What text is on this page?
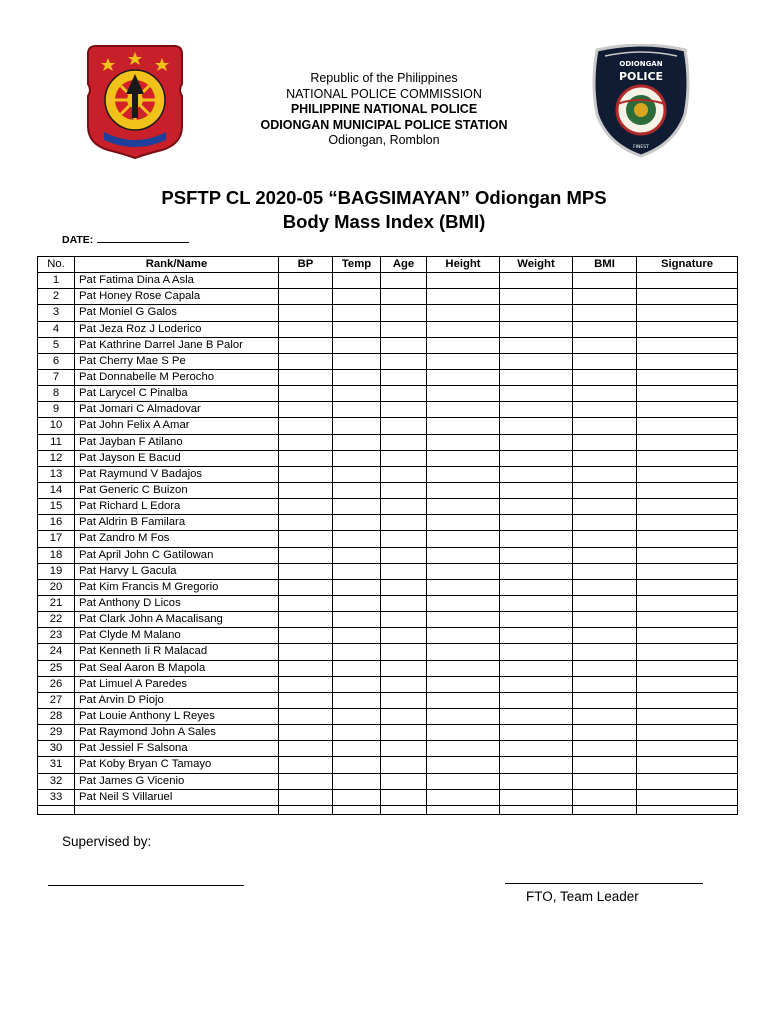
Republic of the Philippines
NATIONAL POLICE COMMISSION
PHILIPPINE NATIONAL POLICE
ODIONGAN MUNICIPAL POLICE STATION
Odiongan, Romblon
ODIONGAN
POLICE
FINEST
PSFTP CL 2020-05 “BAGSIMAYAN” Odiongan MPS
Body Mass Index (BMI)
DATE:
No.	Rank/Name	BP	Temp	Age	Height	Weight	BMI	Signature
1	Pat Fatima Dina A Asla							
2	Pat Honey Rose Capala							
3	Pat Moniel G Galos							
4	Pat Jeza Roz J Loderico							
5	Pat Kathrine Darrel Jane B Palor							
6	Pat Cherry Mae S Pe							
7	Pat Donnabelle M Perocho							
8	Pat Larycel C Pinalba							
9	Pat Jomari C Almadovar							
10	Pat John Felix A Amar							
11	Pat Jayban F Atilano							
12	Pat Jayson E Bacud							
13	Pat Raymund V Badajos							
14	Pat Generic C Buizon							
15	Pat Richard L Edora							
16	Pat Aldrin B Familara							
17	Pat Zandro M Fos							
18	Pat April John C Gatilowan							
19	Pat Harvy L Gacula							
20	Pat Kim Francis M Gregorio							
21	Pat Anthony D Licos							
22	Pat Clark John A Macalisang							
23	Pat Clyde M Malano							
24	Pat Kenneth Ii R Malacad							
25	Pat Seal Aaron B Mapola							
26	Pat Limuel A Paredes							
27	Pat Arvin D Piojo							
28	Pat Louie Anthony L Reyes							
29	Pat Raymond John A Sales							
30	Pat Jessiel F Salsona							
31	Pat Koby Bryan C Tamayo							
32	Pat James G Vicenio							
33	Pat Neil S Villaruel							

Supervised by:
FTO, Team Leader
